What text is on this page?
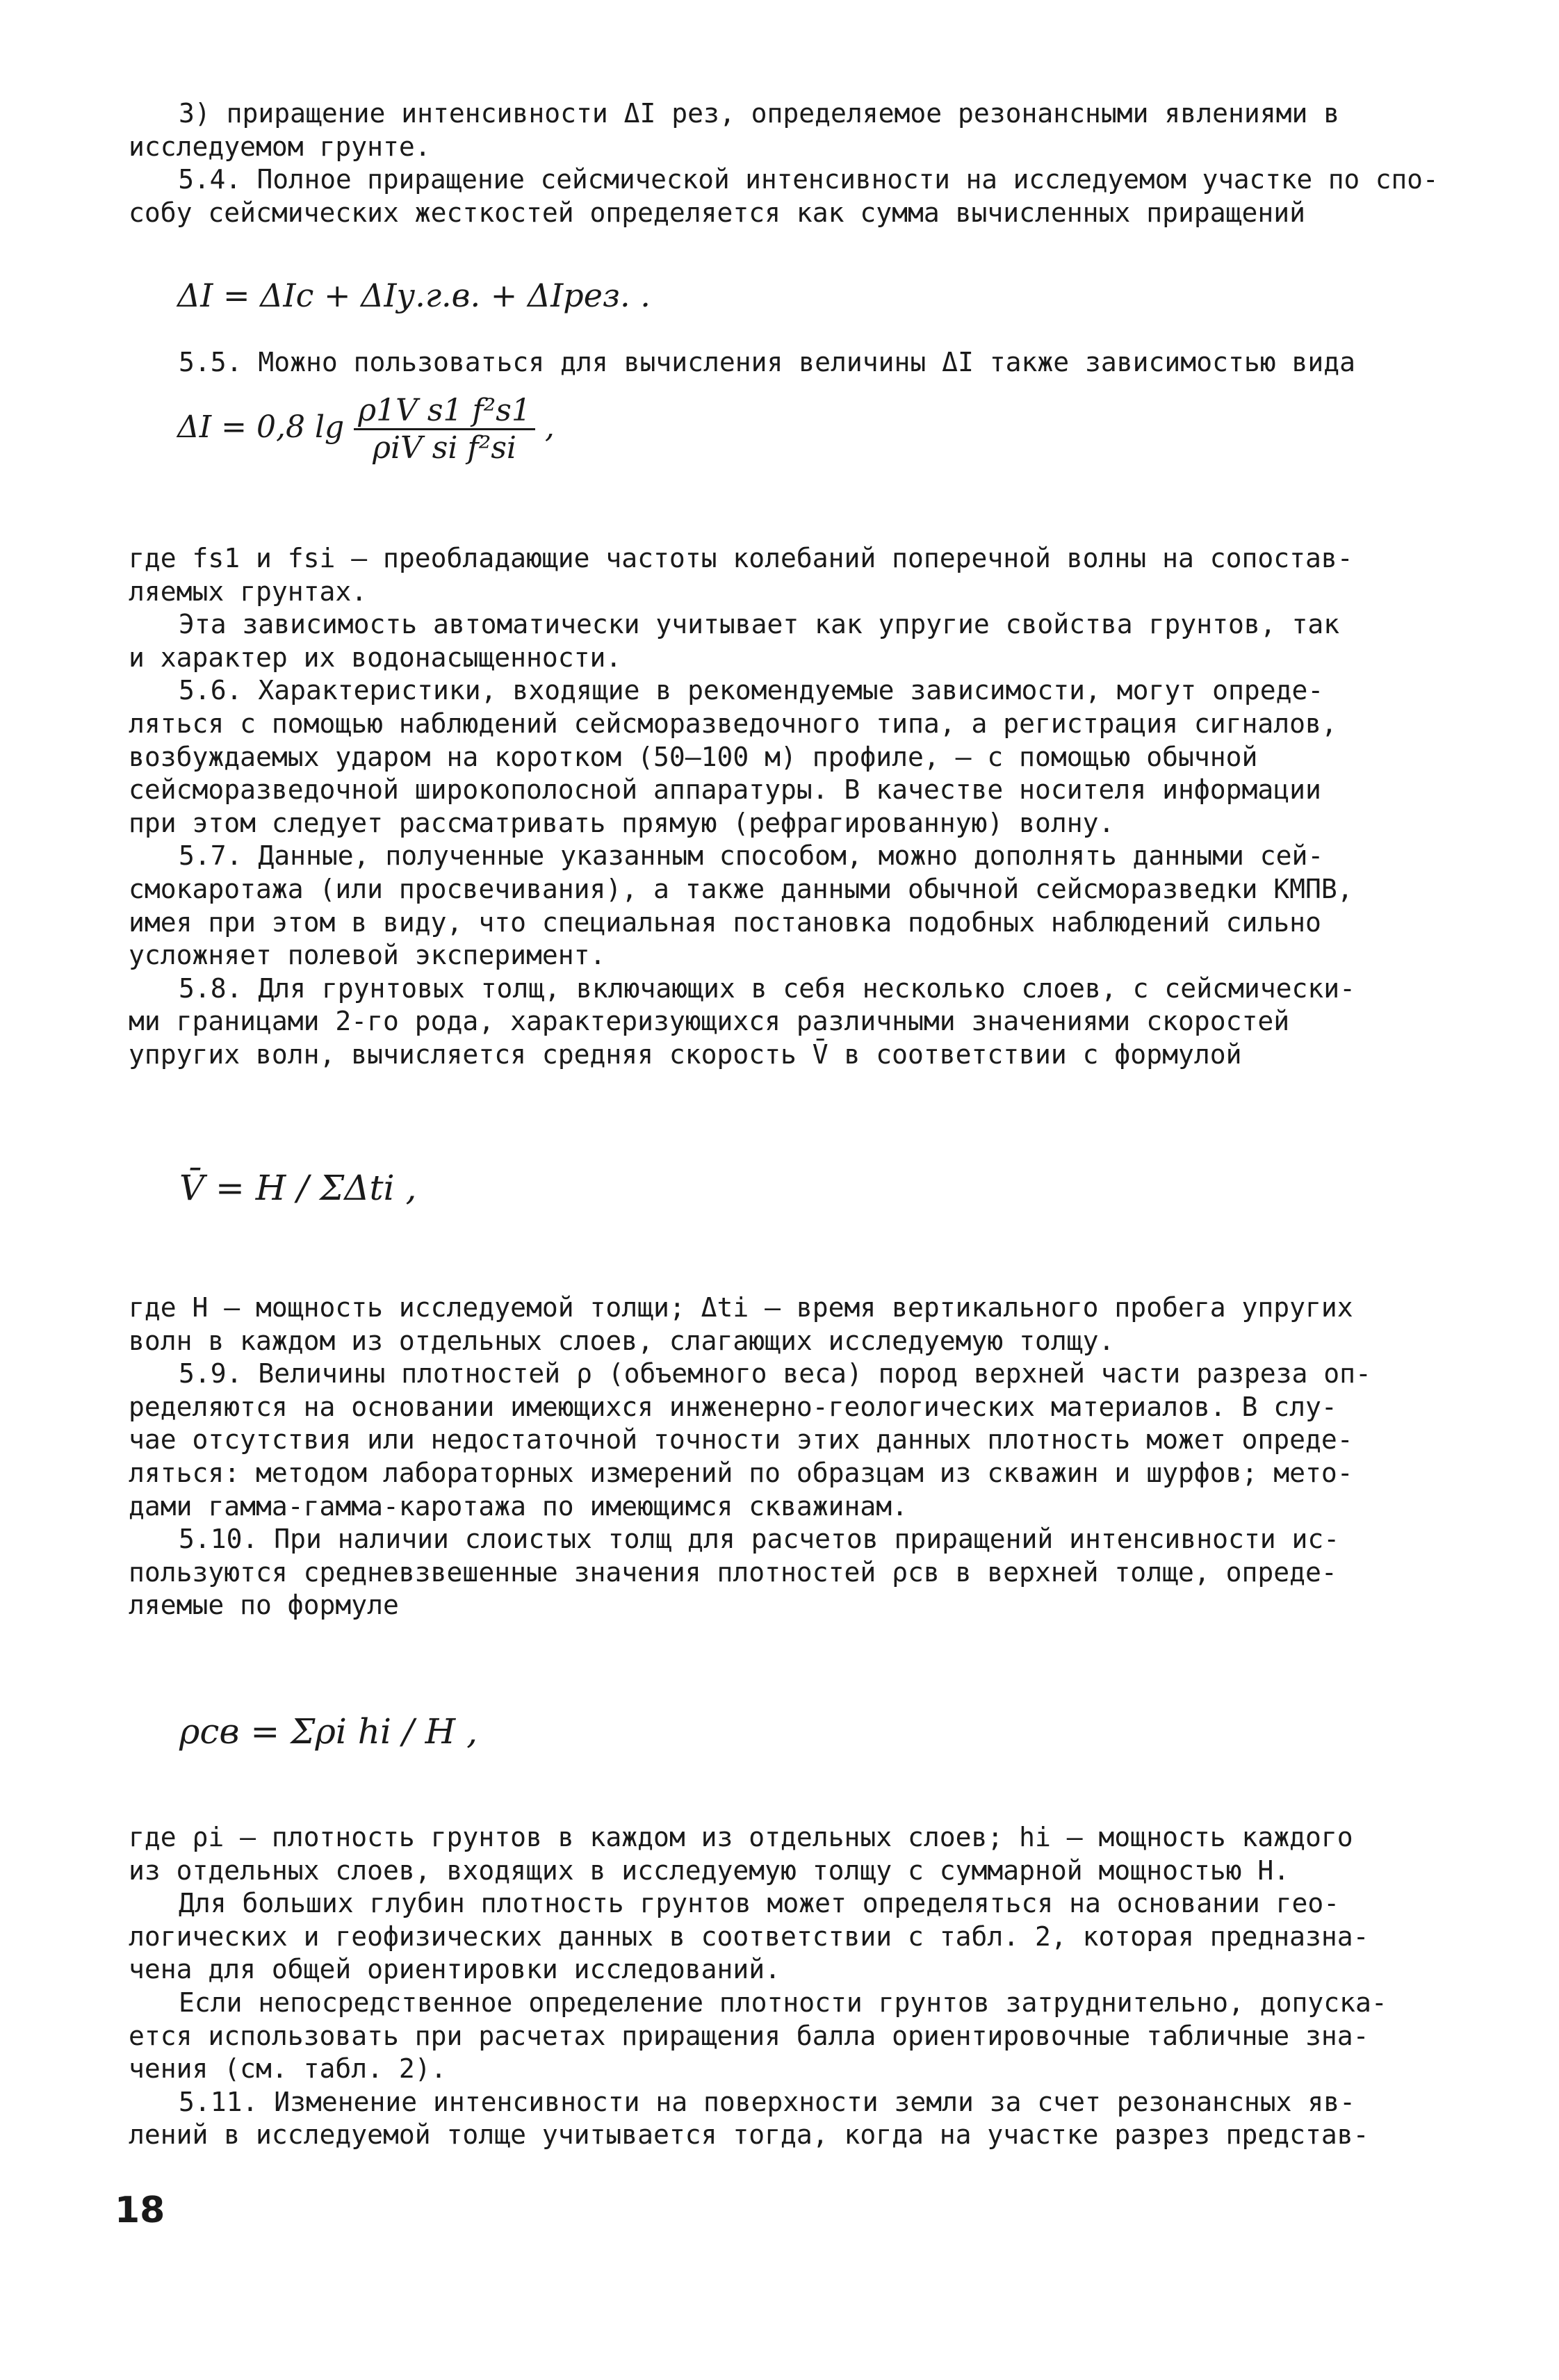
3) приращение интенсивности ΔI рез, определяемое резонансными явлениями в
исследуемом грунте.
5.4. Полное приращение сейсмической интенсивности на исследуемом участке по спо-
собу сейсмических жесткостей определяется как сумма вычисленных приращений
ΔI = ΔIc + ΔIу.г.в. + ΔIрез. .
5.5. Можно пользоваться для вычисления величины ΔI также зависимостью вида
ΔI = 0,8 $\lg \frac{\text{ρ1V s1 f²s1}}{\text{ρiV si f²si}}$ ,
где fs1 и fsi – преобладающие частоты колебаний поперечной волны на сопостав-
ляемых грунтах.
Эта зависимость автоматически учитывает как упругие свойства грунтов, так
и характер их водонасыщенности.
5.6. Характеристики, входящие в рекомендуемые зависимости, могут опреде-
ляться с помощью наблюдений сейсморазведочного типа, а регистрация сигналов,
возбуждаемых ударом на коротком (50–100 м) профиле, – с помощью обычной
сейсморазведочной широкополосной аппаратуры. В качестве носителя информации
при этом следует рассматривать прямую (рефрагированную) волну.
5.7. Данные, полученные указанным способом, можно дополнять данными сей-
смокаротажа (или просвечивания), а также данными обычной сейсморазведки КМПВ,
имея при этом в виду, что специальная постановка подобных наблюдений сильно
усложняет полевой эксперимент.
5.8. Для грунтовых толщ, включающих в себя несколько слоев, с сейсмически-
ми границами 2-го рода, характеризующихся различными значениями скоростей
упругих волн, вычисляется средняя скорость V̄ в соответствии с формулой
V̄ = H / ΣΔti ,
где H – мощность исследуемой толщи; Δti – время вертикального пробега упругих
волн в каждом из отдельных слоев, слагающих исследуемую толщу.
5.9. Величины плотностей ρ (объемного веса) пород верхней части разреза оп-
ределяются на основании имеющихся инженерно-геологических материалов. В слу-
чае отсутствия или недостаточной точности этих данных плотность может опреде-
ляться: методом лабораторных измерений по образцам из скважин и шурфов; мето-
дами гамма-гамма-каротажа по имеющимся скважинам.
5.10. При наличии слоистых толщ для расчетов приращений интенсивности ис-
пользуются средневзвешенные значения плотностей ρсв в верхней толще, опреде-
ляемые по формуле
ρсв = Σρi hi / H ,
где ρi – плотность грунтов в каждом из отдельных слоев; hi – мощность каждого
из отдельных слоев, входящих в исследуемую толщу с суммарной мощностью H.
Для больших глубин плотность грунтов может определяться на основании гео-
логических и геофизических данных в соответствии с табл. 2, которая предназна-
чена для общей ориентировки исследований.
Если непосредственное определение плотности грунтов затруднительно, допуска-
ется использовать при расчетах приращения балла ориентировочные табличные зна-
чения (см. табл. 2).
5.11. Изменение интенсивности на поверхности земли за счет резонансных яв-
лений в исследуемой толще учитывается тогда, когда на участке разрез представ-
18
